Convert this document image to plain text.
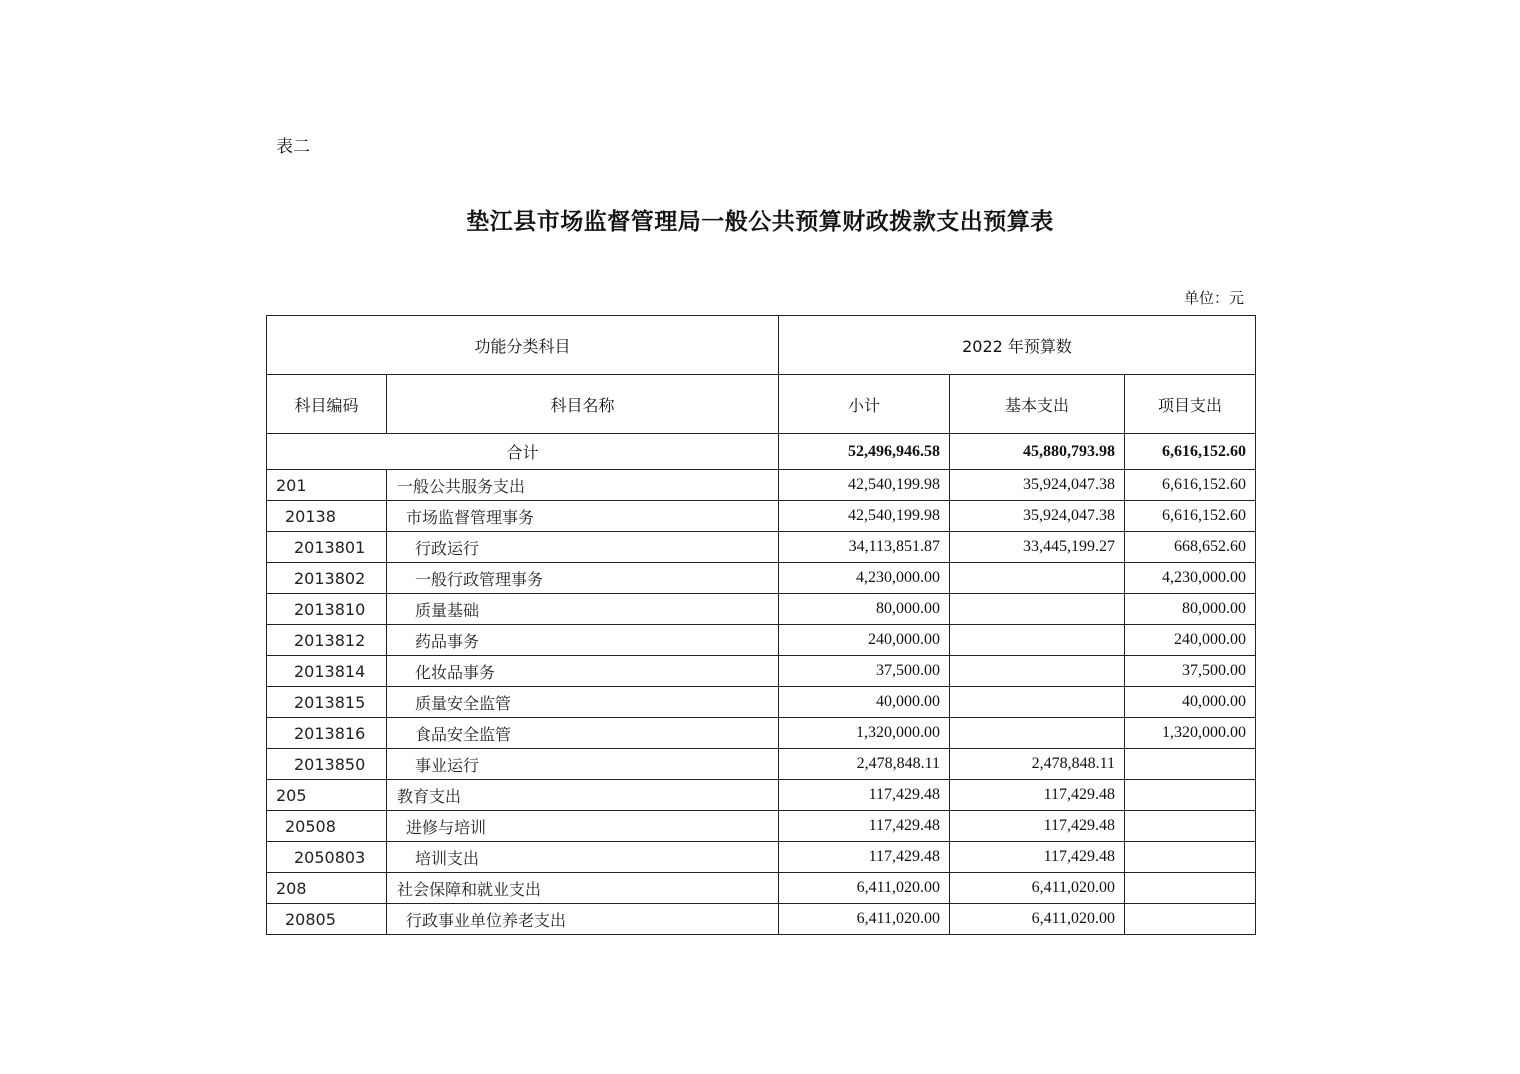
表二
垫江县市场监督管理局一般公共预算财政拨款支出预算表
单位：元
功能分类科目		2022 年预算数		
科目编码	科目名称	小计	基本支出	项目支出
合计		52,496,946.58	45,880,793.98	6,616,152.60
201	一般公共服务支出	42,540,199.98	35,924,047.38	6,616,152.60
20138	市场监督管理事务	42,540,199.98	35,924,047.38	6,616,152.60
2013801	行政运行	34,113,851.87	33,445,199.27	668,652.60
2013802	一般行政管理事务	4,230,000.00		4,230,000.00
2013810	质量基础	80,000.00		80,000.00
2013812	药品事务	240,000.00		240,000.00
2013814	化妆品事务	37,500.00		37,500.00
2013815	质量安全监管	40,000.00		40,000.00
2013816	食品安全监管	1,320,000.00		1,320,000.00
2013850	事业运行	2,478,848.11	2,478,848.11	
205	教育支出	117,429.48	117,429.48	
20508	进修与培训	117,429.48	117,429.48	
2050803	培训支出	117,429.48	117,429.48	
208	社会保障和就业支出	6,411,020.00	6,411,020.00	
20805	行政事业单位养老支出	6,411,020.00	6,411,020.00	
